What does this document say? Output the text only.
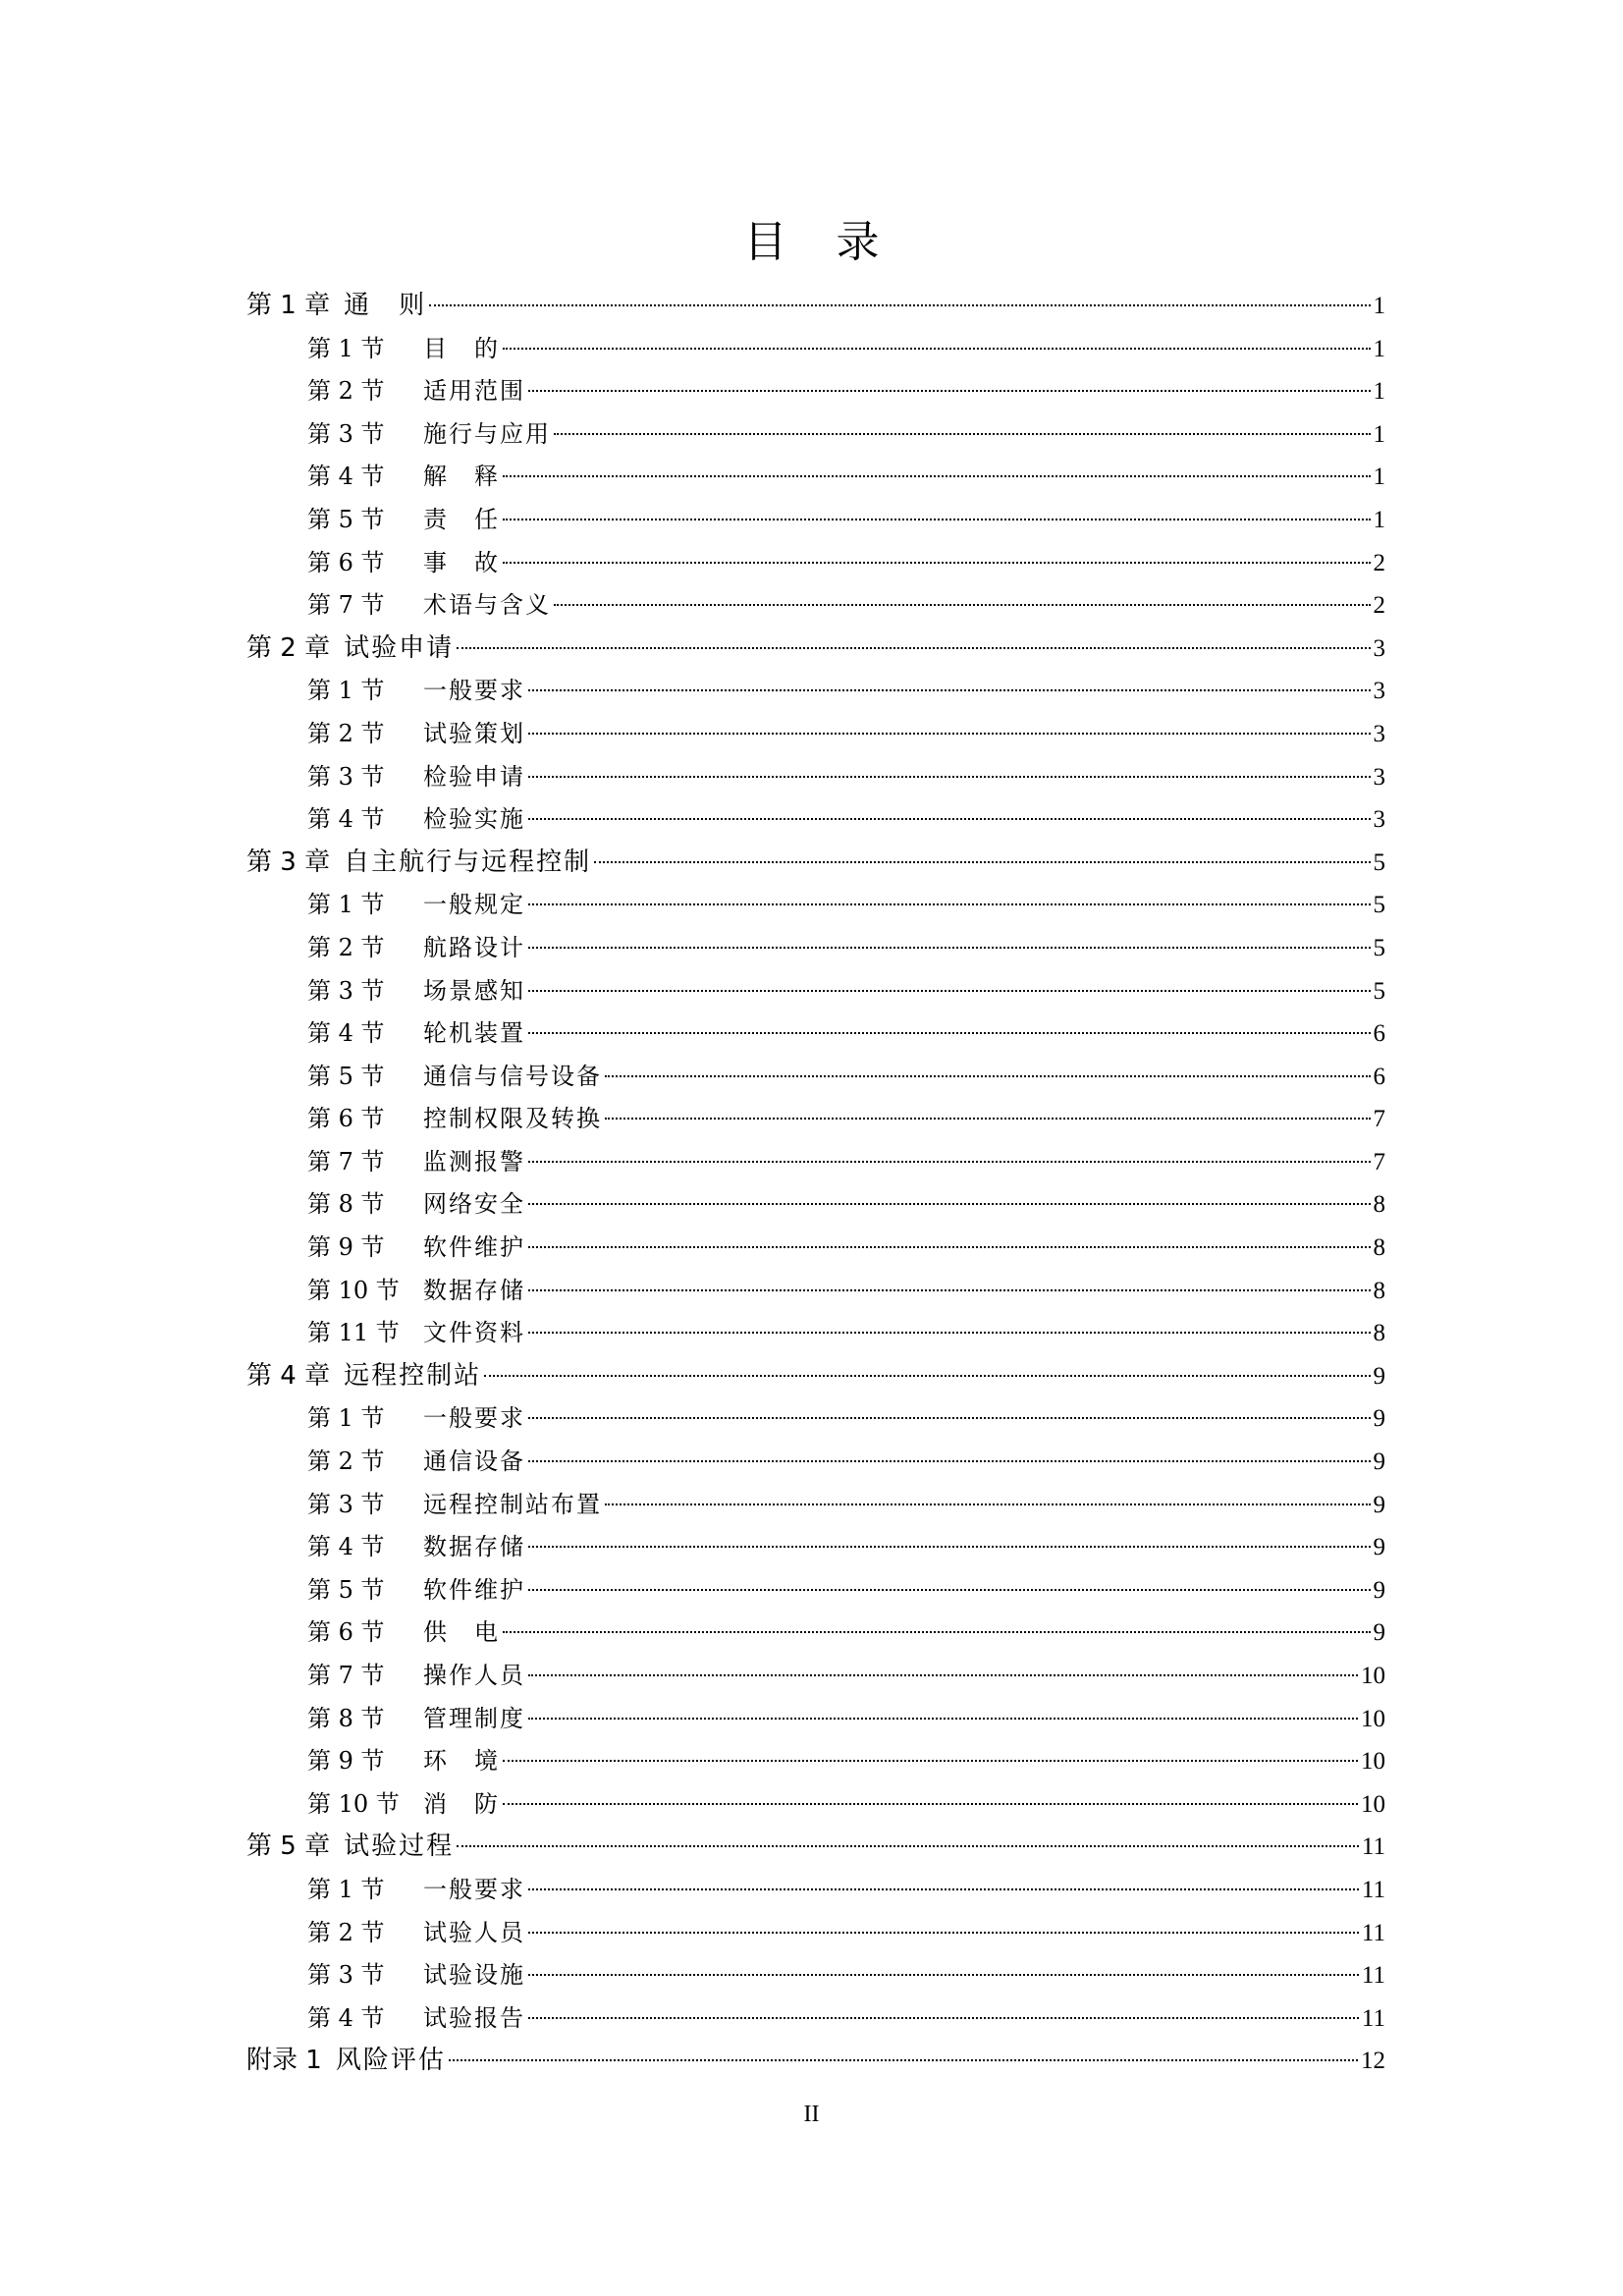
目 录
第 1 章 通　则	1
第 1 节	目　的	1
第 2 节	适用范围	1
第 3 节	施行与应用	1
第 4 节	解　释	1
第 5 节	责　任	1
第 6 节	事　故	2
第 7 节	术语与含义	2
第 2 章 试验申请	3
第 1 节	一般要求	3
第 2 节	试验策划	3
第 3 节	检验申请	3
第 4 节	检验实施	3
第 3 章 自主航行与远程控制	5
第 1 节	一般规定	5
第 2 节	航路设计	5
第 3 节	场景感知	5
第 4 节	轮机装置	6
第 5 节	通信与信号设备	6
第 6 节	控制权限及转换	7
第 7 节	监测报警	7
第 8 节	网络安全	8
第 9 节	软件维护	8
第 10 节	数据存储	8
第 11 节	文件资料	8
第 4 章 远程控制站	9
第 1 节	一般要求	9
第 2 节	通信设备	9
第 3 节	远程控制站布置	9
第 4 节	数据存储	9
第 5 节	软件维护	9
第 6 节	供　电	9
第 7 节	操作人员	10
第 8 节	管理制度	10
第 9 节	环　境	10
第 10 节	消　防	10
第 5 章 试验过程	11
第 1 节	一般要求	11
第 2 节	试验人员	11
第 3 节	试验设施	11
第 4 节	试验报告	11
附录 1 风险评估	12
II
